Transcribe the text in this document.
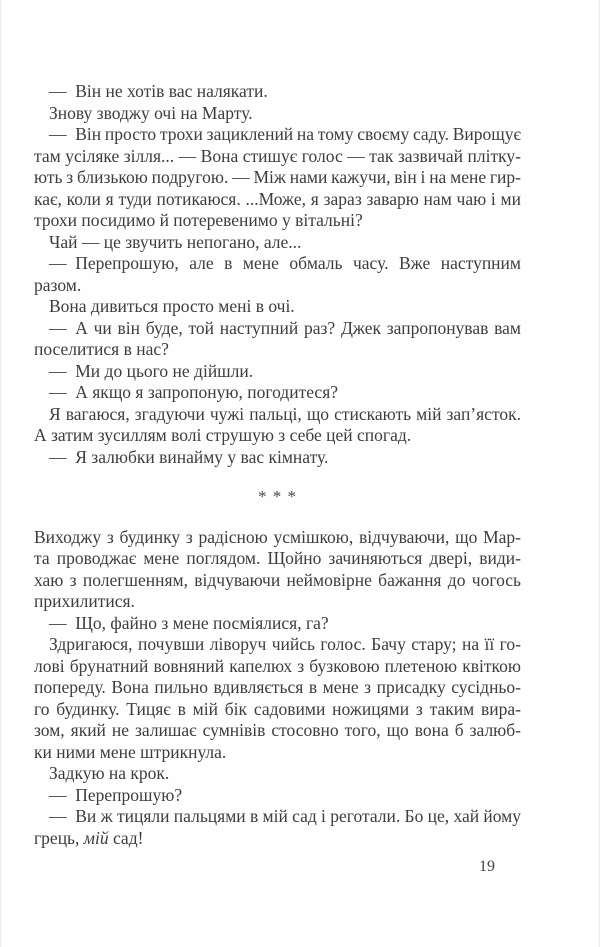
— Він не хотів вас налякати.
Знову зводжу очі на Марту.
— Він просто трохи зациклений на тому своєму саду. Вирощує
там усіляке зілля... — Вона стишує голос — так зазвичай плітку-
ють з близькою подругою. — Між нами кажучи, він і на мене гир-
кає, коли я туди потикаюся. ...Може, я зараз заварю нам чаю і ми
трохи посидимо й потеревенимо у вітальні?
Чай — це звучить непогано, але...
— Перепрошую, але в мене обмаль часу. Вже наступним
разом.
Вона дивиться просто мені в очі.
— А чи він буде, той наступний раз? Джек запропонував вам
поселитися в нас?
— Ми до цього не дійшли.
— А якщо я запропоную, погодитеся?
Я вагаюся, згадуючи чужі пальці, що стискають мій зап’ясток.
А затим зусиллям волі струшую з себе цей спогад.
— Я залюбки винайму у вас кімнату.
* * *
Виходжу з будинку з радісною усмішкою, відчуваючи, що Мар-
та проводжає мене поглядом. Щойно зачиняються двері, види-
хаю з полегшенням, відчуваючи неймовірне бажання до чогось
прихилитися.
— Що, файно з мене посміялися, га?
Здригаюся, почувши ліворуч чийсь голос. Бачу стару; на її го-
лові брунатний вовняний капелюх з бузковою плетеною квіткою
попереду. Вона пильно вдивляється в мене з присадку сусідньо-
го будинку. Тицяє в мій бік садовими ножицями з таким вира-
зом, який не залишає сумнівів стосовно того, що вона б залюб-
ки ними мене штрикнула.
Задкую на крок.
— Перепрошую?
— Ви ж тицяли пальцями в мій сад і реготали. Бо це, хай йому
грець, мій сад!
19
